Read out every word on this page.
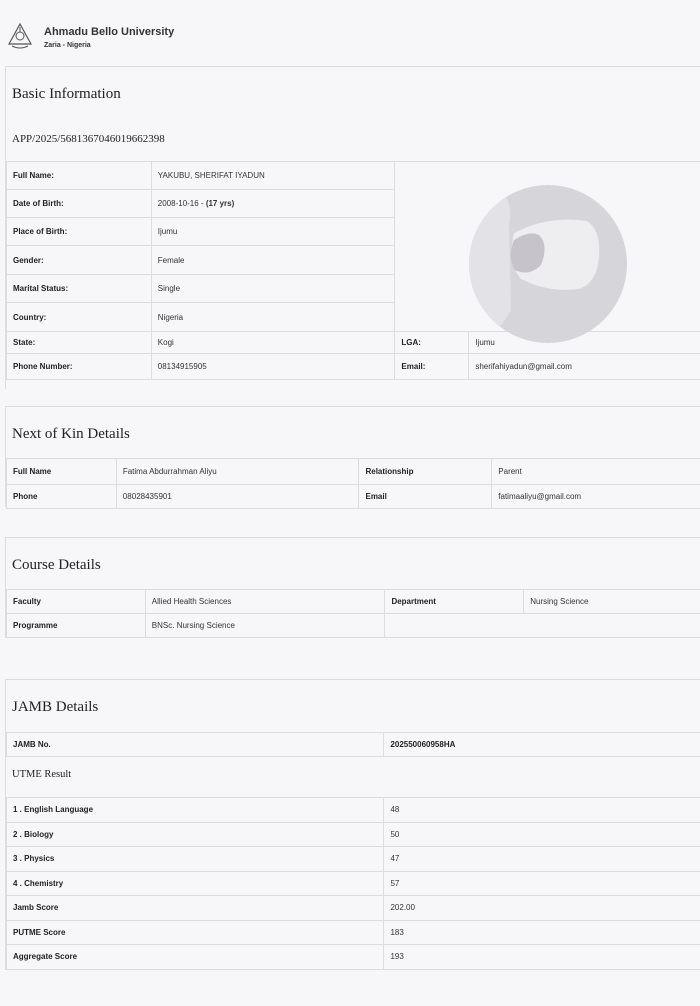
Ahmadu Bello University
Zaria - Nigeria
Basic Information
APP/2025/5681367046019662398
Full Name:	YAKUBU, SHERIFAT IYADUN		
Date of Birth:	2008-10-16 - (17 yrs)		
Place of Birth:	Ijumu		
Gender:	Female		
Marital Status:	Single		
Country:	Nigeria		
State:	Kogi	LGA:	Ijumu
Phone Number:	08134915905	Email:	sherifahiyadun@gmail.com
Next of Kin Details
Full Name	Fatima Abdurrahman Aliyu	Relationship	Parent
Phone	08028435901	Email	fatimaaliyu@gmail.com
Course Details
Faculty	Allied Health Sciences	Department	Nursing Science
Programme	BNSc. Nursing Science		
JAMB Details
JAMB No.	202550060958HA
UTME Result
1 . English Language	48
2 . Biology	50
3 . Physics	47
4 . Chemistry	57
Jamb Score	202.00
PUTME Score	183
Aggregate Score	193
